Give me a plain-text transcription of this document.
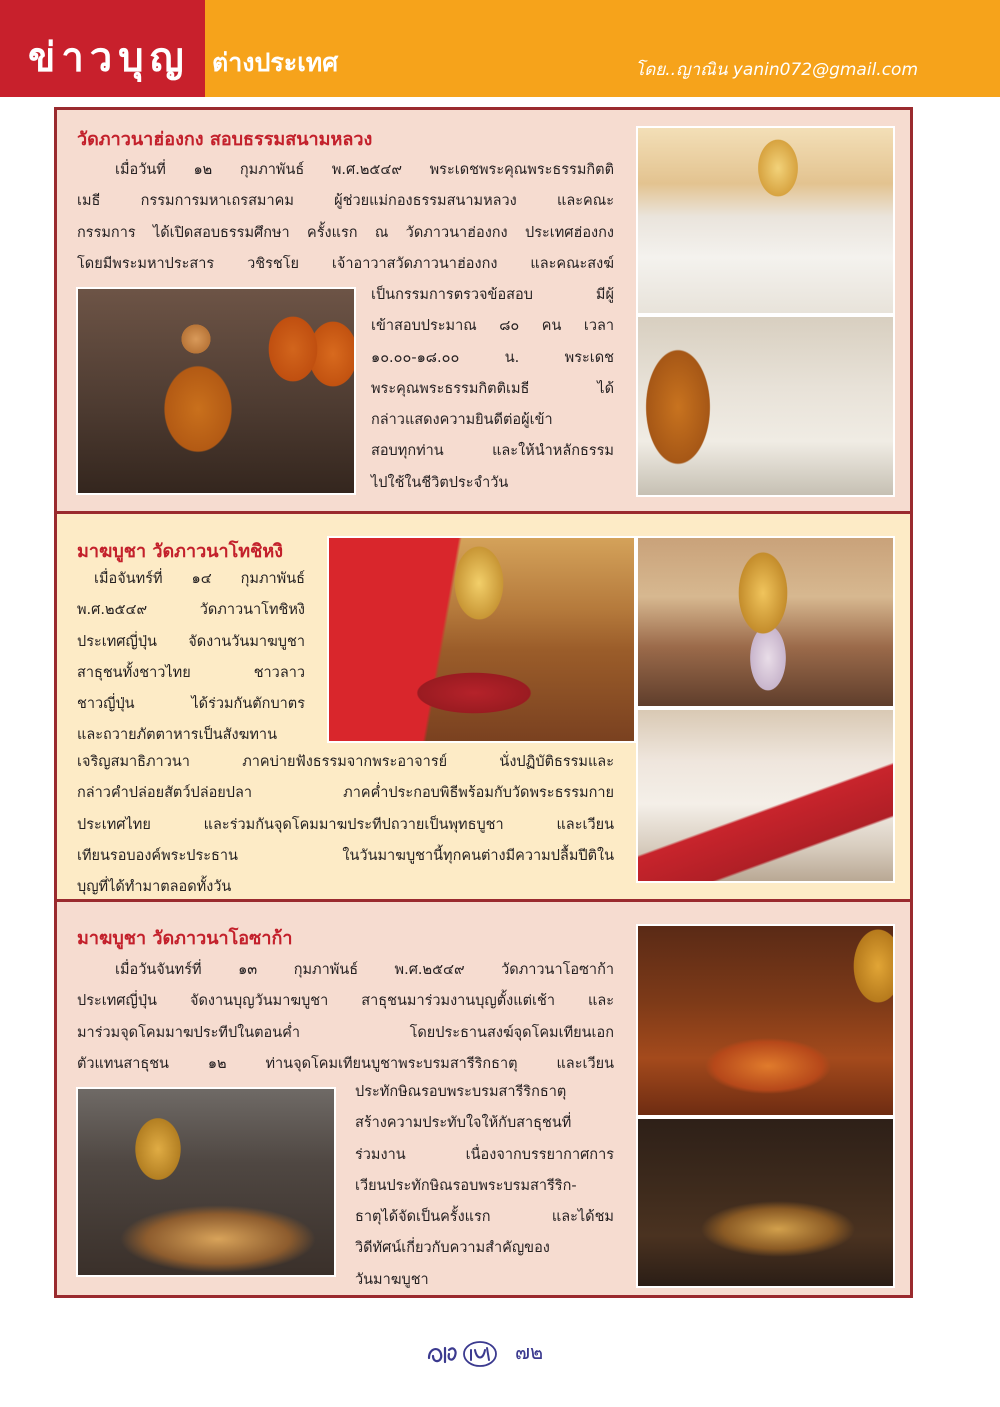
ข่าวบุญ ต่างประเทศ	โดย..ญาณิน yanin072@gmail.com
วัดภาวนาฮ่องกง สอบธรรมสนามหลวง

เมื่อวันที่ ๑๒ กุมภาพันธ์ พ.ศ.๒๕๔๙ พระเดชพระคุณพระธรรมกิตติ

เมธี กรรมการมหาเถรสมาคม ผู้ช่วยแม่กองธรรมสนามหลวง และคณะ

กรรมการ ได้เปิดสอบธรรมศึกษา ครั้งแรก ณ วัดภาวนาฮ่องกง ประเทศฮ่องกง

โดยมีพระมหาประสาร วชิรชโย เจ้าอาวาสวัดภาวนาฮ่องกง และคณะสงฆ์

เป็นกรรมการตรวจข้อสอบ มีผู้

เข้าสอบประมาณ ๘๐ คน เวลา

๑๐.๐๐-๑๘.๐๐ น. พระเดช

พระคุณพระธรรมกิตติเมธี ได้

กล่าวแสดงความยินดีต่อผู้เข้า

สอบทุกท่าน และให้นำหลักธรรม

ไปใช้ในชีวิตประจำวัน

มาฆบูชา วัดภาวนาโทชิหงิ

เมื่อจันทร์ที่ ๑๔ กุมภาพันธ์

พ.ศ.๒๕๔๙ วัดภาวนาโทชิหงิ

ประเทศญี่ปุ่น จัดงานวันมาฆบูชา

สาธุชนทั้งชาวไทย ชาวลาว

ชาวญี่ปุ่น ได้ร่วมกันตักบาตร

และถวายภัตตาหารเป็นสังฆทาน

เจริญสมาธิภาวนา ภาคบ่ายฟังธรรมจากพระอาจารย์ นั่งปฏิบัติธรรมและ

กล่าวคำปล่อยสัตว์ปล่อยปลา ภาคค่ำประกอบพิธีพร้อมกับวัดพระธรรมกาย

ประเทศไทย และร่วมกันจุดโคมมาฆประทีปถวายเป็นพุทธบูชา และเวียน

เทียนรอบองค์พระประธาน ในวันมาฆบูชานี้ทุกคนต่างมีความปลื้มปีติใน

บุญที่ได้ทำมาตลอดทั้งวัน

มาฆบูชา วัดภาวนาโอซาก้า

เมื่อวันจันทร์ที่ ๑๓ กุมภาพันธ์ พ.ศ.๒๕๔๙ วัดภาวนาโอซาก้า

ประเทศญี่ปุ่น จัดงานบุญวันมาฆบูชา สาธุชนมาร่วมงานบุญตั้งแต่เช้า และ

มาร่วมจุดโคมมาฆประทีปในตอนค่ำ โดยประธานสงฆ์จุดโคมเทียนเอก

ตัวแทนสาธุชน ๑๒ ท่านจุดโคมเทียนบูชาพระบรมสารีริกธาตุ และเวียน

ประทักษิณรอบพระบรมสารีริกธาตุ

สร้างความประทับใจให้กับสาธุชนที่

ร่วมงาน เนื่องจากบรรยากาศการ

เวียนประทักษิณรอบพระบรมสารีริก-

ธาตุได้จัดเป็นครั้งแรก และได้ชม

วิดีทัศน์เกี่ยวกับความสำคัญของ

วันมาฆบูชา

อยู่ในบุญ
๗๒
